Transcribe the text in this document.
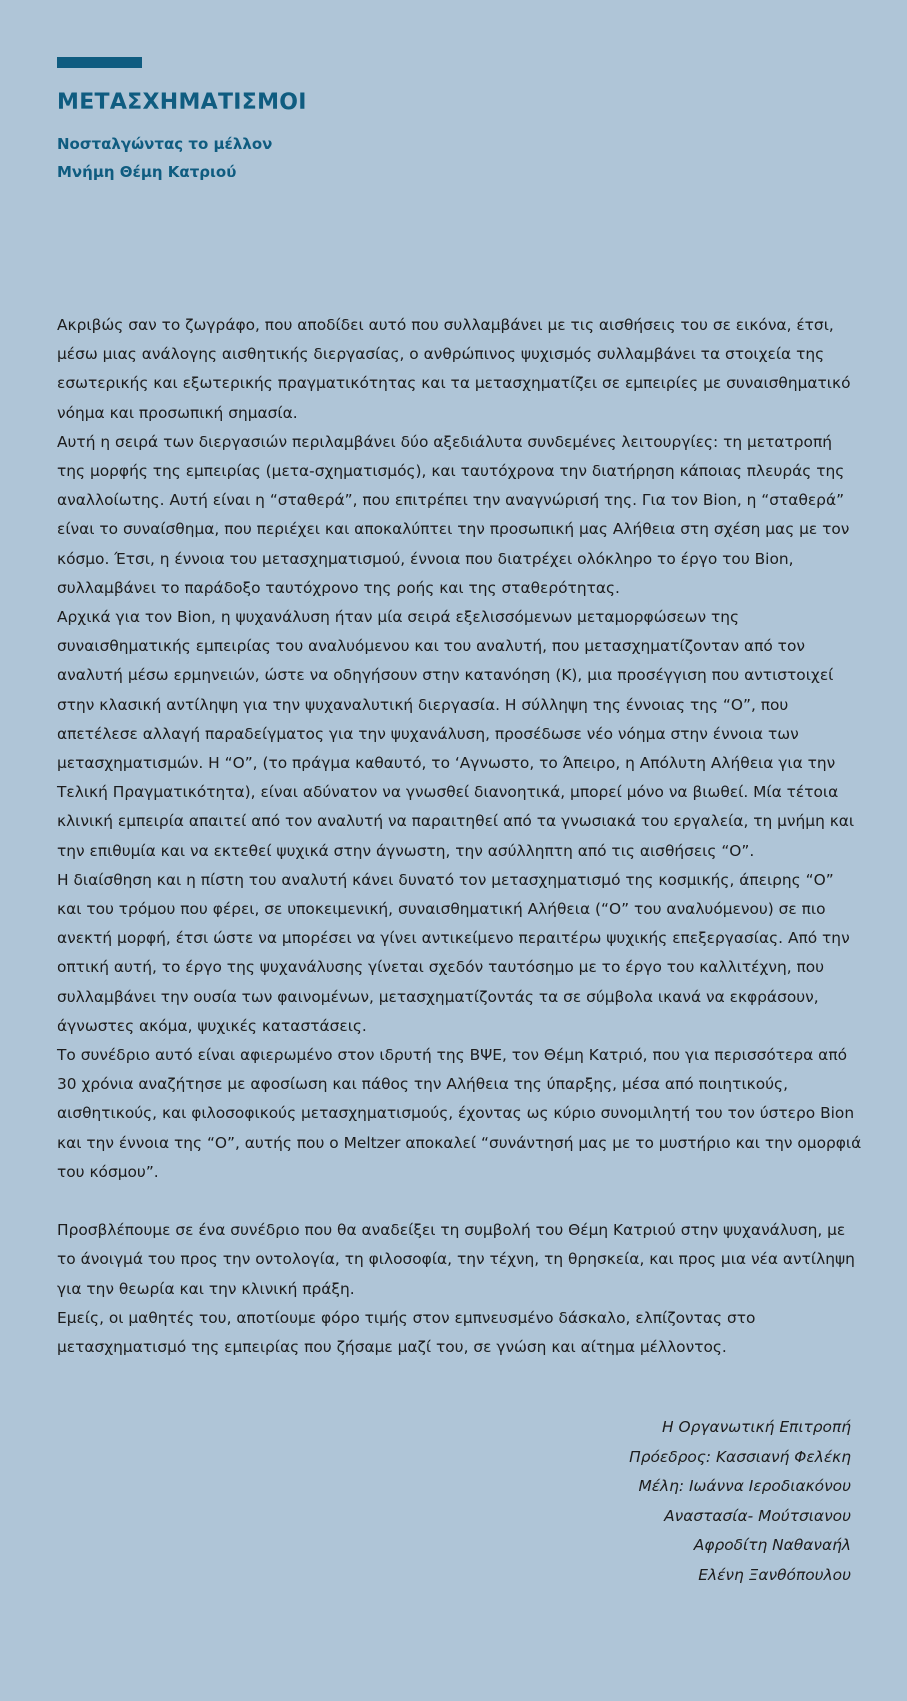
ΜΕΤΑΣΧΗΜΑΤΙΣΜΟΙ

Νοσταλγώντας το μέλλον

Μνήμη Θέμη Κατριού

Ακριβώς σαν το ζωγράφο, που αποδίδει αυτό που συλλαμβάνει με τις αισθήσεις του σε εικόνα, έτσι, μέσω μιας ανάλογης αισθητικής διεργασίας, ο ανθρώπινος ψυχισμός συλλαμβάνει τα στοιχεία της εσωτερικής και εξωτερικής πραγματικότητας και τα μετασχηματίζει σε εμπειρίες με συναισθηματικό νόημα και προσωπική σημασία.

Αυτή η σειρά των διεργασιών περιλαμβάνει δύο αξεδιάλυτα συνδεμένες λειτουργίες: τη μετατροπή της μορφής της εμπειρίας (μετα-σχηματισμός), και ταυτόχρονα την διατήρηση κάποιας πλευράς της αναλλοίωτης. Αυτή είναι η “σταθερά”, που επιτρέπει την αναγνώρισή της. Για τον Bion, η “σταθερά” είναι το συναίσθημα, που περιέχει και αποκαλύπτει την προσωπική μας Αλήθεια στη σχέση μας με τον κόσμο. Έτσι, η έννοια του μετασχηματισμού, έννοια που διατρέχει ολόκληρο το έργο του Bion, συλλαμβάνει το παράδοξο ταυτόχρονο της ροής και της σταθερότητας.

Αρχικά για τον Bion, η ψυχανάλυση ήταν μία σειρά εξελισσόμενων μεταμορφώσεων της συναισθηματικής εμπειρίας του αναλυόμενου και του αναλυτή, που μετασχηματίζονταν από τον αναλυτή μέσω ερμηνειών, ώστε να οδηγήσουν στην κατανόηση (Κ), μια προσέγγιση που αντιστοιχεί στην κλασική αντίληψη για την ψυχαναλυτική διεργασία. Η σύλληψη της έννοιας της “Ο”, που απετέλεσε αλλαγή παραδείγματος για την ψυχανάλυση, προσέδωσε νέο νόημα στην έννοια των μετασχηματισμών. Η “Ο”, (το πράγμα καθαυτό, το ‘Αγνωστο, το Άπειρο, η Απόλυτη Αλήθεια για την Τελική Πραγματικότητα), είναι αδύνατον να γνωσθεί διανοητικά, μπορεί μόνο να βιωθεί. Μία τέτοια κλινική εμπειρία απαιτεί από τον αναλυτή να παραιτηθεί από τα γνωσιακά του εργαλεία, τη μνήμη και την επιθυμία και να εκτεθεί ψυχικά στην άγνωστη, την ασύλληπτη από τις αισθήσεις “Ο”.

Η διαίσθηση και η πίστη του αναλυτή κάνει δυνατό τον μετασχηματισμό της κοσμικής, άπειρης “Ο” και του τρόμου που φέρει, σε υποκειμενική, συναισθηματική Αλήθεια (“Ο” του αναλυόμενου) σε πιο ανεκτή μορφή, έτσι ώστε να μπορέσει να γίνει αντικείμενο περαιτέρω ψυχικής επεξεργασίας. Από την οπτική αυτή, το έργο της ψυχανάλυσης γίνεται σχεδόν ταυτόσημο με το έργο του καλλιτέχνη, που συλλαμβάνει την ουσία των φαινομένων, μετασχηματίζοντάς τα σε σύμβολα ικανά να εκφράσουν, άγνωστες ακόμα, ψυχικές καταστάσεις.

Το συνέδριο αυτό είναι αφιερωμένο στον ιδρυτή της ΒΨΕ, τον Θέμη Κατριό, που για περισσότερα από 30 χρόνια αναζήτησε με αφοσίωση και πάθος την Αλήθεια της ύπαρξης, μέσα από ποιητικούς, αισθητικούς, και φιλοσοφικούς μετασχηματισμούς, έχοντας ως κύριο συνομιλητή του τον ύστερο Bion και την έννοια της “Ο”, αυτής που ο Meltzer αποκαλεί “συνάντησή μας με το μυστήριο και την ομορφιά του κόσμου”.

Προσβλέπουμε σε ένα συνέδριο που θα αναδείξει τη συμβολή του Θέμη Κατριού στην ψυχανάλυση, με το άνοιγμά του προς την οντολογία, τη φιλοσοφία, την τέχνη, τη θρησκεία, και προς μια νέα αντίληψη για την θεωρία και την κλινική πράξη.

Εμείς, οι μαθητές του, αποτίουμε φόρο τιμής στον εμπνευσμένο δάσκαλο, ελπίζοντας στο μετασχηματισμό της εμπειρίας που ζήσαμε μαζί του, σε γνώση και αίτημα μέλλοντος.

Η Οργανωτική Επιτροπή
Πρόεδρος: Κασσιανή Φελέκη
Μέλη: Ιωάννα Ιεροδιακόνου
Αναστασία- Μούτσιανου
Αφροδίτη Ναθαναήλ
Ελένη Ξανθόπουλου
